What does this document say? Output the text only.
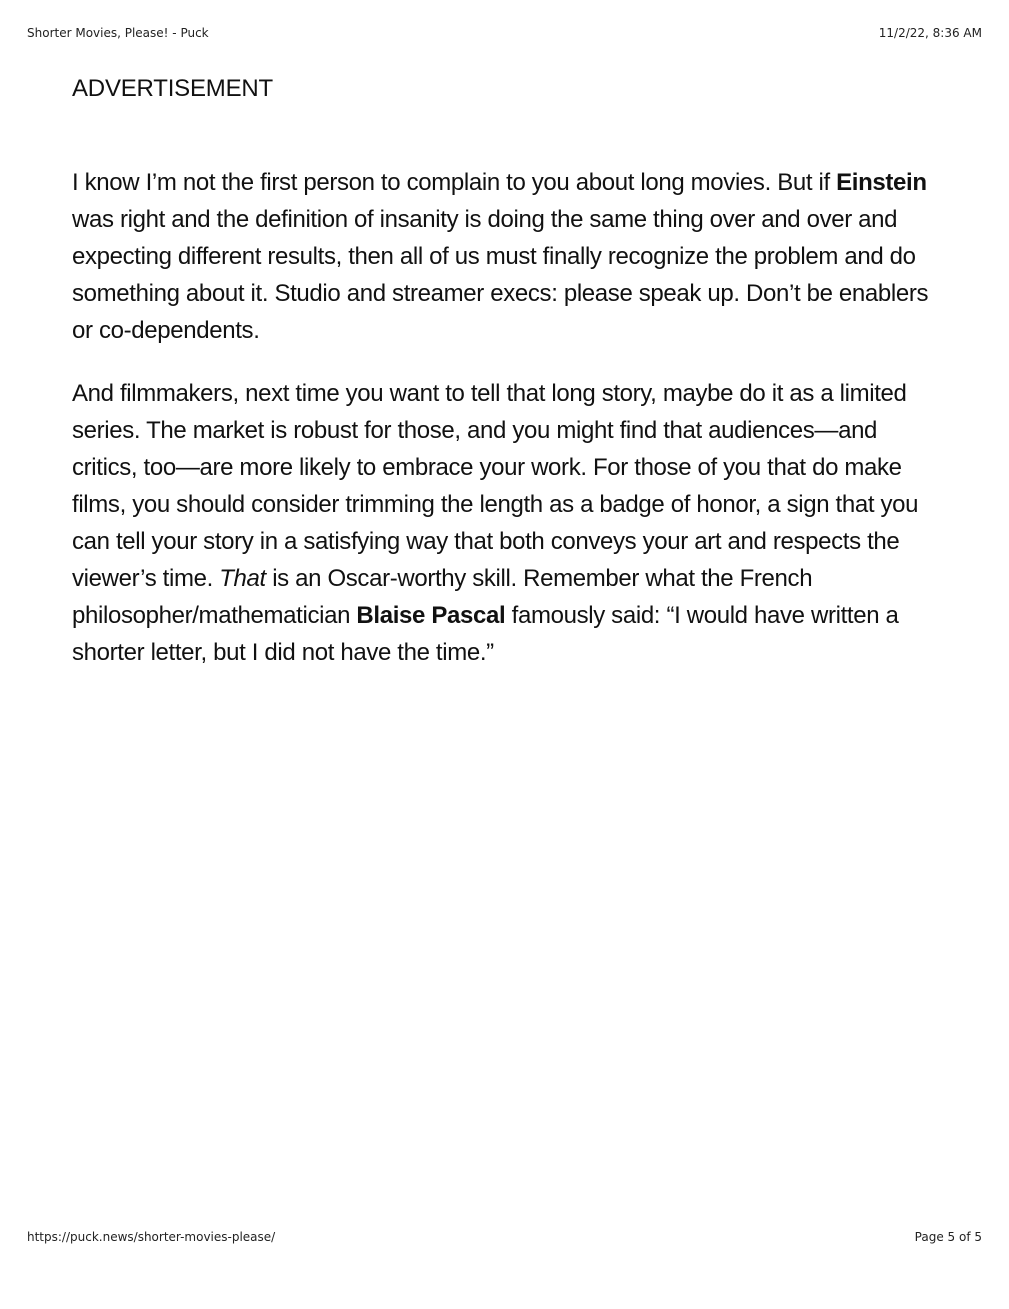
Shorter Movies, Please! - Puck	11/2/22, 8:36 AM
ADVERTISEMENT

I know I’m not the first person to complain to you about long movies. But if Einstein was right and the definition of insanity is doing the same thing over and over and expecting different results, then all of us must finally recognize the problem and do something about it. Studio and streamer execs: please speak up. Don’t be enablers or co-dependents.

And filmmakers, next time you want to tell that long story, maybe do it as a limited series. The market is robust for those, and you might find that audiences—and critics, too—are more likely to embrace your work. For those of you that do make films, you should consider trimming the length as a badge of honor, a sign that you can tell your story in a satisfying way that both conveys your art and respects the viewer’s time. That is an Oscar-worthy skill. Remember what the French philosopher/mathematician Blaise Pascal famously said: “I would have written a shorter letter, but I did not have the time.”

https://puck.news/shorter-movies-please/	Page 5 of 5
